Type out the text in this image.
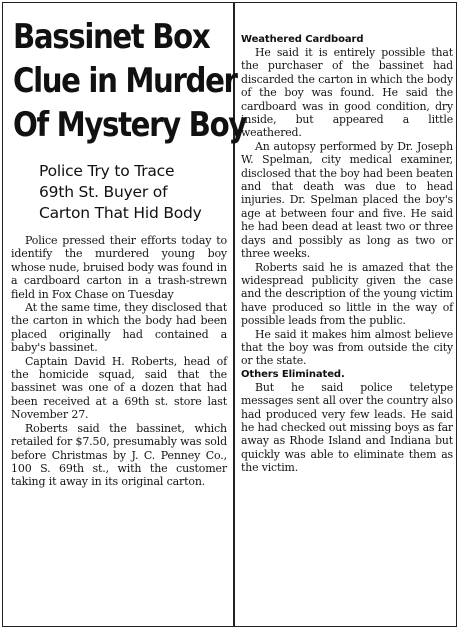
Bassinet Box
Clue in Murder
Of Mystery Boy
Police Try to Trace
69th St. Buyer of
Carton That Hid Body

Police pressed their efforts today to identify the murdered young boy whose nude, bruised body was found in a cardboard carton in a trash-strewn field in Fox Chase on Tuesday

At the same time, they disclosed that the carton in which the body had been placed originally had contained a baby's bassinet.

Captain David H. Roberts, head of the homicide squad, said that the bassinet was one of a dozen that had been received at a 69th st. store last November 27.

Roberts said the bassinet, which retailed for $7.50, presumably was sold before Christmas by J. C. Penney Co., 100 S. 69th st., with the customer taking it away in its original carton.

Weathered Cardboard

He said it is entirely possible that the purchaser of the bassinet had discarded the carton in which the body of the boy was found. He said the cardboard was in good condition, dry inside, but appeared a little weathered.

An autopsy performed by Dr. Joseph W. Spelman, city medical examiner, disclosed that the boy had been beaten and that death was due to head injuries. Dr. Spelman placed the boy's age at between four and five. He said he had been dead at least two or three days and possibly as long as two or three weeks.

Roberts said he is amazed that the widespread publicity given the case and the description of the young victim have produced so little in the way of possible leads from the public.

He said it makes him almost believe that the boy was from outside the city or the state.

Others Eliminated.

But he said police teletype messages sent all over the country also had produced very few leads. He said he had checked out missing boys as far away as Rhode Island and Indiana but quickly was able to eliminate them as the victim.
